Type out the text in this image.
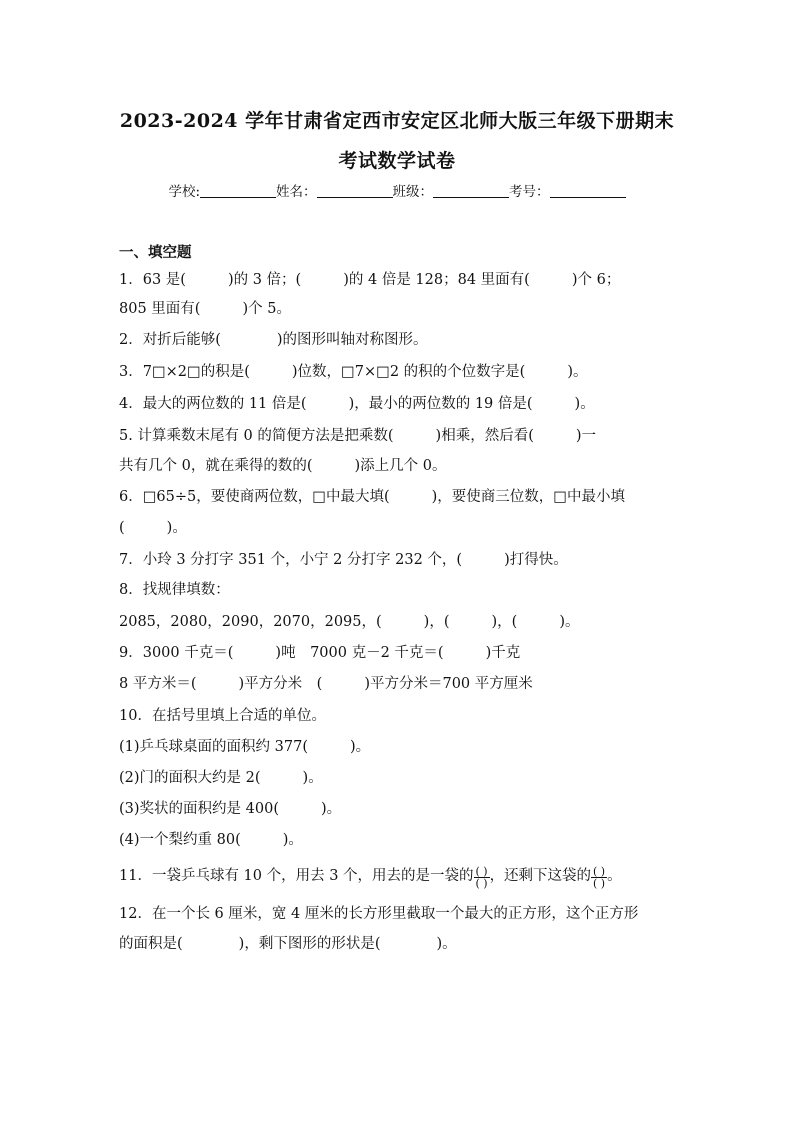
2023-2024 学年甘肃省定西市安定区北师大版三年级下册期末
考试数学试卷
学校:	姓名：	班级：	考号：
一、填空题
1．63 是(	)的 3 倍；(	)的 4 倍是 128；84 里面有(	)个 6；
805 里面有(	)个 5。
2．对折后能够(	)的图形叫轴对称图形。
3．7□×2□的积是(	)位数，□7×□2 的积的个位数字是(	)。
4．最大的两位数的 11 倍是(	)，最小的两位数的 19 倍是(	)。
5. 计算乘数末尾有 0 的简便方法是把乘数(	)相乘，然后看(	)一
共有几个 0，就在乘得的数的(	)添上几个 0。
6．□65÷5，要使商两位数，□中最大填(	)，要使商三位数，□中最小填
(	)。
7．小玲 3 分打字 351 个，小宁 2 分打字 232 个，(	)打得快。
8．找规律填数：
2085，2080，2090，2070，2095，(	)，(	)，(	)。
9．3000 千克＝(	)吨　7000 克－2 千克＝(	)千克
8 平方米＝(	)平方分米　(	)平方分米＝700 平方厘米
10．在括号里填上合适的单位。
(1)乒乓球桌面的面积约 377(	)。
(2)门的面积大约是 2(	)。
(3)奖状的面积约是 400(	)。
(4)一个梨约重 80(	)。
11．一袋乒乓球有 10 个，用去 3 个，用去的是一袋的 $\frac{( )}{( )}$ ，还剩下这袋的 $\frac{( )}{( )}$ 。
12．在一个长 6 厘米，宽 4 厘米的长方形里截取一个最大的正方形，这个正方形
的面积是(	)，剩下图形的形状是(	)。
